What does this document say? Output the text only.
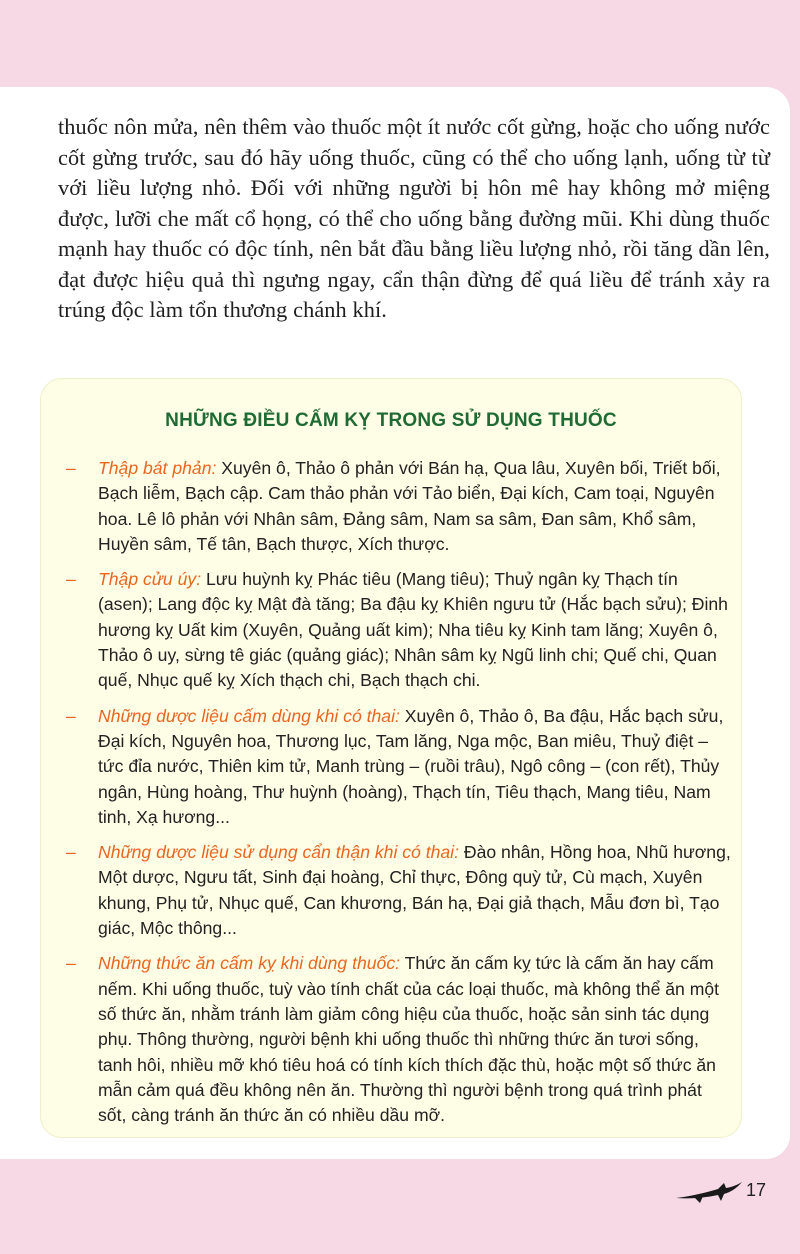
thuốc nôn mửa, nên thêm vào thuốc một ít nước cốt gừng, hoặc cho uống nước cốt gừng trước, sau đó hãy uống thuốc, cũng có thể cho uống lạnh, uống từ từ với liều lượng nhỏ. Đối với những người bị hôn mê hay không mở miệng được, lưỡi che mất cổ họng, có thể cho uống bằng đường mũi. Khi dùng thuốc mạnh hay thuốc có độc tính, nên bắt đầu bằng liều lượng nhỏ, rồi tăng dần lên, đạt được hiệu quả thì ngưng ngay, cẩn thận đừng để quá liều để tránh xảy ra trúng độc làm tổn thương chánh khí.

NHỮNG ĐIỀU CẤM KỴ TRONG SỬ DỤNG THUỐC
– Thập bát phản: Xuyên ô, Thảo ô phản với Bán hạ, Qua lâu, Xuyên bối, Triết bối, Bạch liễm, Bạch cập. Cam thảo phản với Tảo biển, Đại kích, Cam toại, Nguyên hoa. Lê lô phản với Nhân sâm, Đảng sâm, Nam sa sâm, Đan sâm, Khổ sâm, Huyền sâm, Tế tân, Bạch thược, Xích thược.
– Thập cửu úy: Lưu huỳnh kỵ Phác tiêu (Mang tiêu); Thuỷ ngân kỵ Thạch tín (asen); Lang độc kỵ Mật đà tăng; Ba đậu kỵ Khiên ngưu tử (Hắc bạch sửu); Đinh hương kỵ Uất kim (Xuyên, Quảng uất kim); Nha tiêu kỵ Kinh tam lăng; Xuyên ô, Thảo ô uy, sừng tê giác (quảng giác); Nhân sâm kỵ Ngũ linh chi; Quế chi, Quan quế, Nhục quế kỵ Xích thạch chi, Bạch thạch chi.
– Những dược liệu cấm dùng khi có thai: Xuyên ô, Thảo ô, Ba đậu, Hắc bạch sửu, Đại kích, Nguyên hoa, Thương lục, Tam lăng, Nga mộc, Ban miêu, Thuỷ điệt – tức đỉa nước, Thiên kim tử, Manh trùng – (ruồi trâu), Ngô công – (con rết), Thủy ngân, Hùng hoàng, Thư huỳnh (hoàng), Thạch tín, Tiêu thạch, Mang tiêu, Nam tinh, Xạ hương...
– Những dược liệu sử dụng cẩn thận khi có thai: Đào nhân, Hồng hoa, Nhũ hương, Một dược, Ngưu tất, Sinh đại hoàng, Chỉ thực, Đông quỳ tử, Cù mạch, Xuyên khung, Phụ tử, Nhục quế, Can khương, Bán hạ, Đại giả thạch, Mẫu đơn bì, Tạo giác, Mộc thông...
– Những thức ăn cấm kỵ khi dùng thuốc: Thức ăn cấm kỵ tức là cấm ăn hay cấm nếm. Khi uống thuốc, tuỳ vào tính chất của các loại thuốc, mà không thể ăn một số thức ăn, nhằm tránh làm giảm công hiệu của thuốc, hoặc sản sinh tác dụng phụ. Thông thường, người bệnh khi uống thuốc thì những thức ăn tươi sống, tanh hôi, nhiều mỡ khó tiêu hoá có tính kích thích đặc thù, hoặc một số thức ăn mẫn cảm quá đều không nên ăn. Thường thì người bệnh trong quá trình phát sốt, càng tránh ăn thức ăn có nhiều dầu mỡ.
17
